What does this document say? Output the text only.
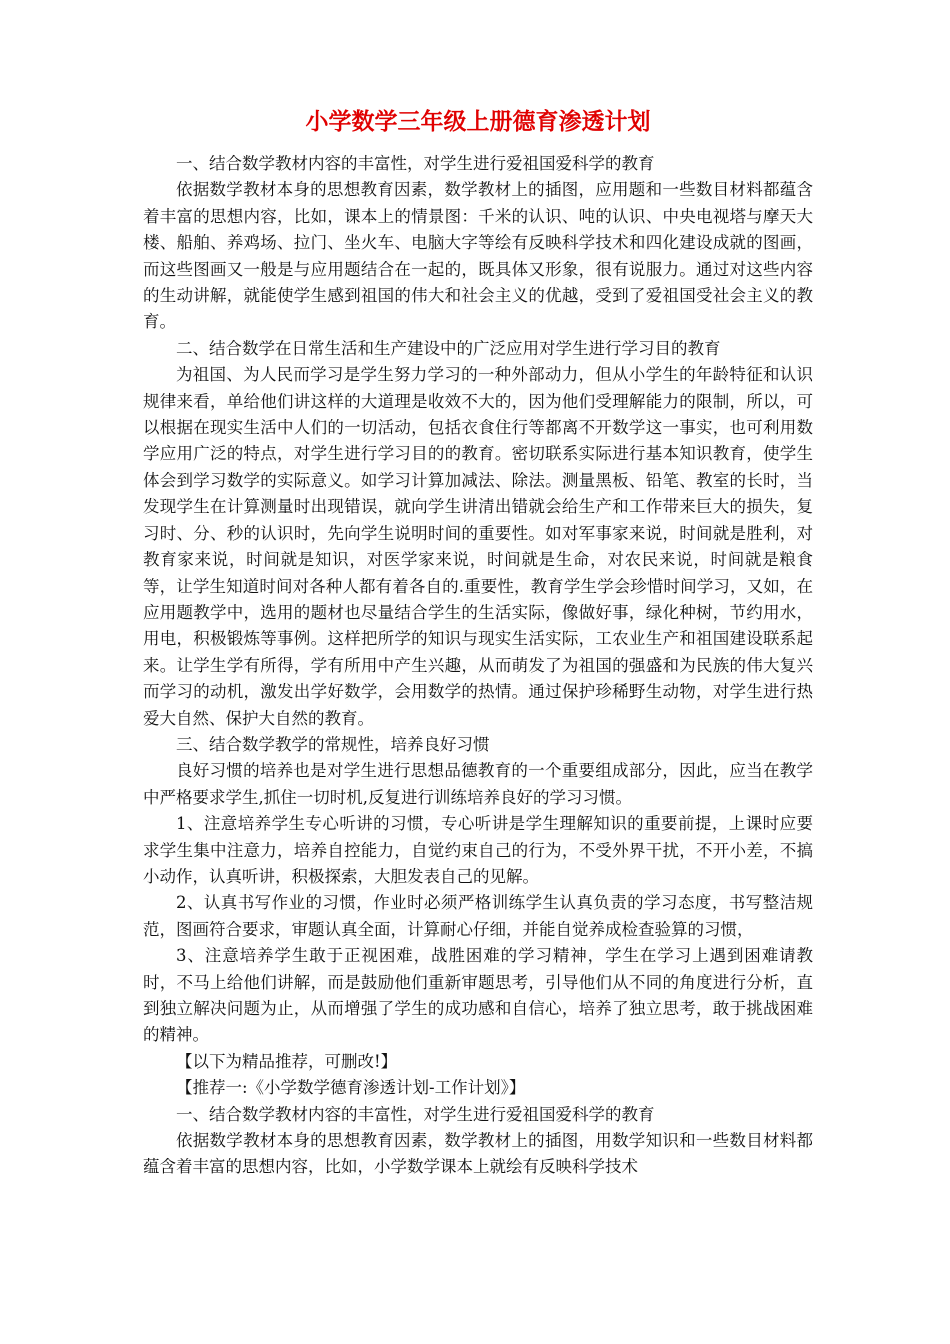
小学数学三年级上册德育渗透计划

一、结合数学教材内容的丰富性，对学生进行爱祖国爱科学的教育

依据数学教材本身的思想教育因素，数学教材上的插图，应用题和一些数目材料都蕴含着丰富的思想内容，比如，课本上的情景图：千米的认识、吨的认识、中央电视塔与摩天大楼、船舶、养鸡场、拉门、坐火车、电脑大字等绘有反映科学技术和四化建设成就的图画，而这些图画又一般是与应用题结合在一起的，既具体又形象，很有说服力。通过对这些内容的生动讲解，就能使学生感到祖国的伟大和社会主义的优越，受到了爱祖国受社会主义的教育。

二、结合数学在日常生活和生产建设中的广泛应用对学生进行学习目的教育

为祖国、为人民而学习是学生努力学习的一种外部动力，但从小学生的年龄特征和认识规律来看，单给他们讲这样的大道理是收效不大的，因为他们受理解能力的限制，所以，可以根据在现实生活中人们的一切活动，包括衣食住行等都离不开数学这一事实，也可利用数学应用广泛的特点，对学生进行学习目的的教育。密切联系实际进行基本知识教育，使学生体会到学习数学的实际意义。如学习计算加减法、除法。测量黑板、铅笔、教室的长时，当发现学生在计算测量时出现错误，就向学生讲清出错就会给生产和工作带来巨大的损失，复习时、分、秒的认识时，先向学生说明时间的重要性。如对军事家来说，时间就是胜利，对教育家来说，时间就是知识，对医学家来说，时间就是生命，对农民来说，时间就是粮食等，让学生知道时间对各种人都有着各自的.重要性，教育学生学会珍惜时间学习，又如，在应用题教学中，选用的题材也尽量结合学生的生活实际，像做好事，绿化种树，节约用水，用电，积极锻炼等事例。这样把所学的知识与现实生活实际，工农业生产和祖国建设联系起来。让学生学有所得，学有所用中产生兴趣，从而萌发了为祖国的强盛和为民族的伟大复兴而学习的动机，激发出学好数学，会用数学的热情。通过保护珍稀野生动物，对学生进行热爱大自然、保护大自然的教育。

三、结合数学教学的常规性，培养良好习惯

良好习惯的培养也是对学生进行思想品德教育的一个重要组成部分，因此，应当在教学中严格要求学生,抓住一切时机,反复进行训练培养良好的学习习惯。

1、注意培养学生专心听讲的习惯，专心听讲是学生理解知识的重要前提，上课时应要求学生集中注意力，培养自控能力，自觉约束自己的行为，不受外界干扰，不开小差，不搞小动作，认真听讲，积极探索，大胆发表自己的见解。

2、认真书写作业的习惯，作业时必须严格训练学生认真负责的学习态度，书写整洁规范，图画符合要求，审题认真全面，计算耐心仔细，并能自觉养成检查验算的习惯，

3、注意培养学生敢于正视困难，战胜困难的学习精神，学生在学习上遇到困难请教时，不马上给他们讲解，而是鼓励他们重新审题思考，引导他们从不同的角度进行分析，直到独立解决问题为止，从而增强了学生的成功感和自信心，培养了独立思考，敢于挑战困难的精神。

【以下为精品推荐，可删改!】

【推荐一:《小学数学德育渗透计划-工作计划》】

一、结合数学教材内容的丰富性，对学生进行爱祖国爱科学的教育

依据数学教材本身的思想教育因素，数学教材上的插图，用数学知识和一些数目材料都蕴含着丰富的思想内容，比如，小学数学课本上就绘有反映科学技术
